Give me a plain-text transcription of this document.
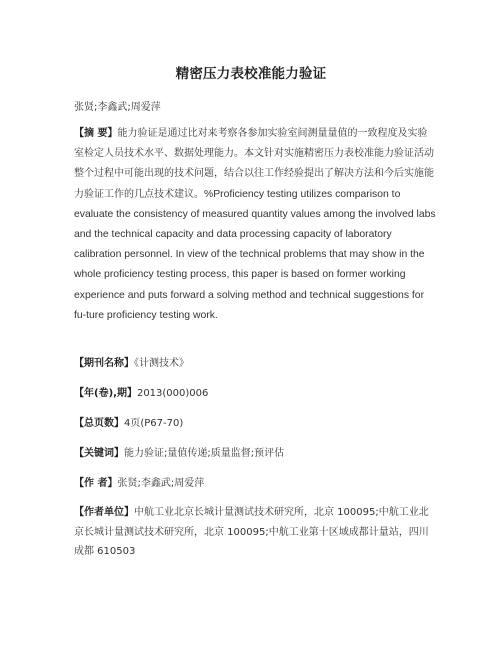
精密压力表校准能力验证
张贤;李鑫武;周爱萍

【摘 要】能力验证是通过比对来考察各参加实验室间测量量值的一致程度及实验室检定人员技术水平、数据处理能力。本文针对实施精密压力表校准能力验证活动整个过程中可能出现的技术问题，结合以往工作经验提出了解决方法和今后实施能力验证工作的几点技术建议。%Proficiency testing utilizes comparison to evaluate the consistency of measured quantity values among the involved labs and the technical capacity and data processing capacity of laboratory calibration personnel. In view of the technical problems that may show in the whole proficiency testing process, this paper is based on former working experience and puts forward a solving method and technical suggestions for fu-ture proficiency testing work.

【期刊名称】《计测技术》

【年(卷),期】2013(000)006

【总页数】4页(P67-70)

【关键词】能力验证;量值传递;质量监督;预评估

【作 者】张贤;李鑫武;周爱萍

【作者单位】中航工业北京长城计量测试技术研究所，北京 100095;中航工业北京长城计量测试技术研究所，北京 100095;中航工业第十区域成都计量站，四川 成都 610503
